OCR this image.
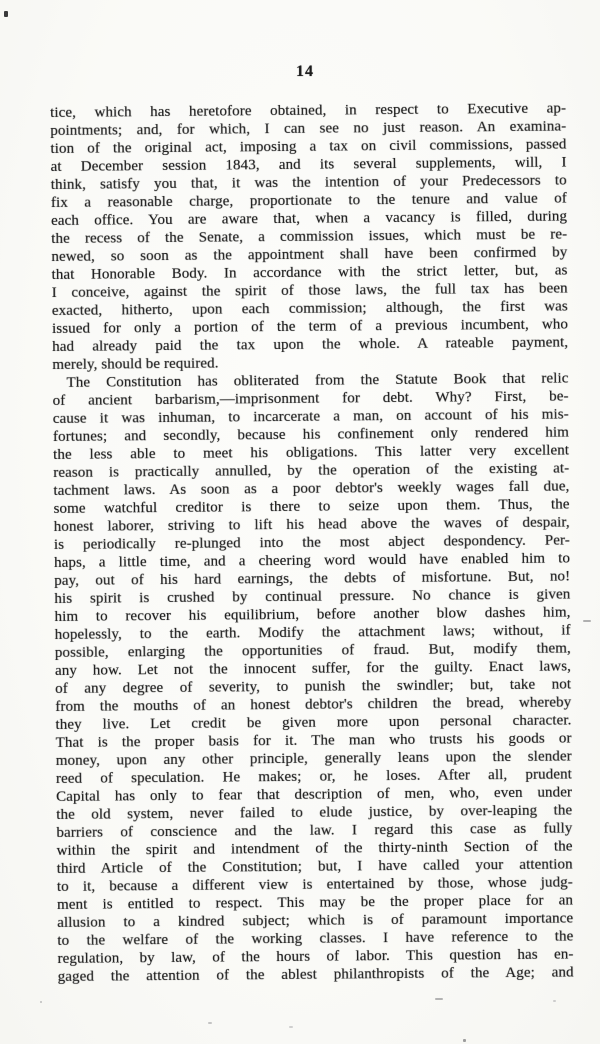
14
tice, which has heretofore obtained, in respect to Executive ap-
pointments; and, for which, I can see no just reason. An examina-
tion of the original act, imposing a tax on civil commissions, passed
at December session 1843, and its several supplements, will, I
think, satisfy you that, it was the intention of your Predecessors to
fix a reasonable charge, proportionate to the tenure and value of
each office. You are aware that, when a vacancy is filled, during
the recess of the Senate, a commission issues, which must be re-
newed, so soon as the appointment shall have been confirmed by
that Honorable Body. In accordance with the strict letter, but, as
I conceive, against the spirit of those laws, the full tax has been
exacted, hitherto, upon each commission; although, the first was
issued for only a portion of the term of a previous incumbent, who
had already paid the tax upon the whole. A rateable payment,
merely, should be required.
The Constitution has obliterated from the Statute Book that relic
of ancient barbarism,—imprisonment for debt. Why? First, be-
cause it was inhuman, to incarcerate a man, on account of his mis-
fortunes; and secondly, because his confinement only rendered him
the less able to meet his obligations. This latter very excellent
reason is practically annulled, by the operation of the existing at-
tachment laws. As soon as a poor debtor's weekly wages fall due,
some watchful creditor is there to seize upon them. Thus, the
honest laborer, striving to lift his head above the waves of despair,
is periodically re-plunged into the most abject despondency. Per-
haps, a little time, and a cheering word would have enabled him to
pay, out of his hard earnings, the debts of misfortune. But, no!
his spirit is crushed by continual pressure. No chance is given
him to recover his equilibrium, before another blow dashes him,
hopelessly, to the earth. Modify the attachment laws; without, if
possible, enlarging the opportunities of fraud. But, modify them,
any how. Let not the innocent suffer, for the guilty. Enact laws,
of any degree of severity, to punish the swindler; but, take not
from the mouths of an honest debtor's children the bread, whereby
they live. Let credit be given more upon personal character.
That is the proper basis for it. The man who trusts his goods or
money, upon any other principle, generally leans upon the slender
reed of speculation. He makes; or, he loses. After all, prudent
Capital has only to fear that description of men, who, even under
the old system, never failed to elude justice, by over-leaping the
barriers of conscience and the law. I regard this case as fully
within the spirit and intendment of the thirty-ninth Section of the
third Article of the Constitution; but, I have called your attention
to it, because a different view is entertained by those, whose judg-
ment is entitled to respect. This may be the proper place for an
allusion to a kindred subject; which is of paramount importance
to the welfare of the working classes. I have reference to the
regulation, by law, of the hours of labor. This question has en-
gaged the attention of the ablest philanthropists of the Age; and
